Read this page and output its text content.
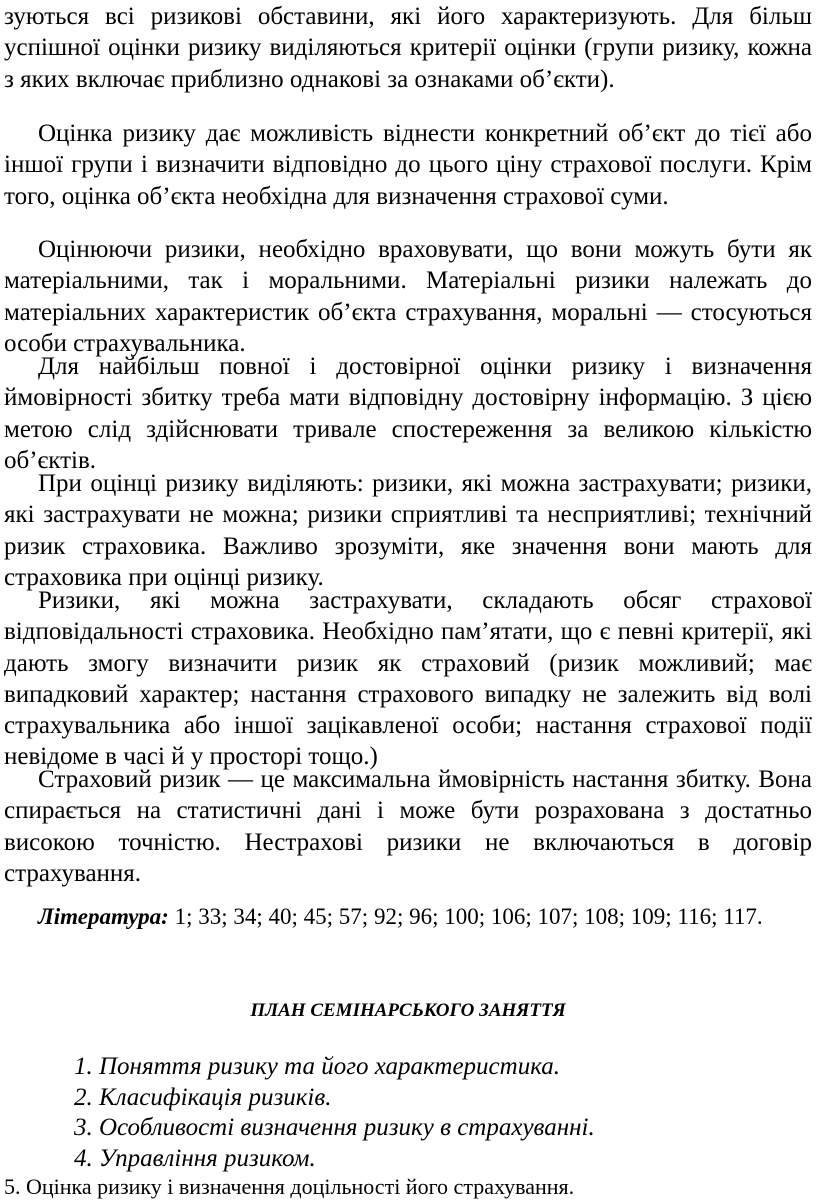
зуються всі ризикові обставини, які його характеризують. Для більш успішної оцінки ризику виділяються критерії оцінки (групи ризику, кожна з яких включає приблизно однакові за ознаками об’єкти).

Оцінка ризику дає можливість віднести конкретний об’єкт до тієї або іншої групи і визначити відповідно до цього ціну страхової послуги. Крім того, оцінка об’єкта необхідна для визначення страхової суми.

Оцінюючи ризики, необхідно враховувати, що вони можуть бути як матеріальними, так і моральними. Матеріальні ризики належать до матеріальних характеристик об’єкта страхування, моральні — стосуються особи страхувальника.

Для найбільш повної і достовірної оцінки ризику і визначення ймовірності збитку треба мати відповідну достовірну інформацію. З цією метою слід здійснювати тривале спостереження за великою кількістю об’єктів.

При оцінці ризику виділяють: ризики, які можна застрахувати; ризики, які застрахувати не можна; ризики сприятливі та несприятливі; технічний ризик страховика. Важливо зрозуміти, яке значення вони мають для страховика при оцінці ризику.

Ризики, які можна застрахувати, складають обсяг страхової відповідальності страховика. Необхідно пам’ятати, що є певні критерії, які дають змогу визначити ризик як страховий (ризик можливий; має випадковий характер; настання страхового випадку не залежить від волі страхувальника або іншої зацікавленої особи; настання страхової події невідоме в часі й у просторі тощо.)

Страховий ризик — це максимальна ймовірність настання збитку. Вона спирається на статистичні дані і може бути розрахована з достатньо високою точністю. Нестрахові ризики не включаються в договір страхування.

Література: 1; 33; 34; 40; 45; 57; 92; 96; 100; 106; 107; 108; 109; 116; 117.

ПЛАН СЕМІНАРСЬКОГО ЗАНЯТТЯ

1. Поняття ризику та його характеристика.
2. Класифікація ризиків.
3. Особливості визначення ризику в страхуванні.
4. Управління ризиком.

5. Оцінка ризику і визначення доцільності його страхування.
